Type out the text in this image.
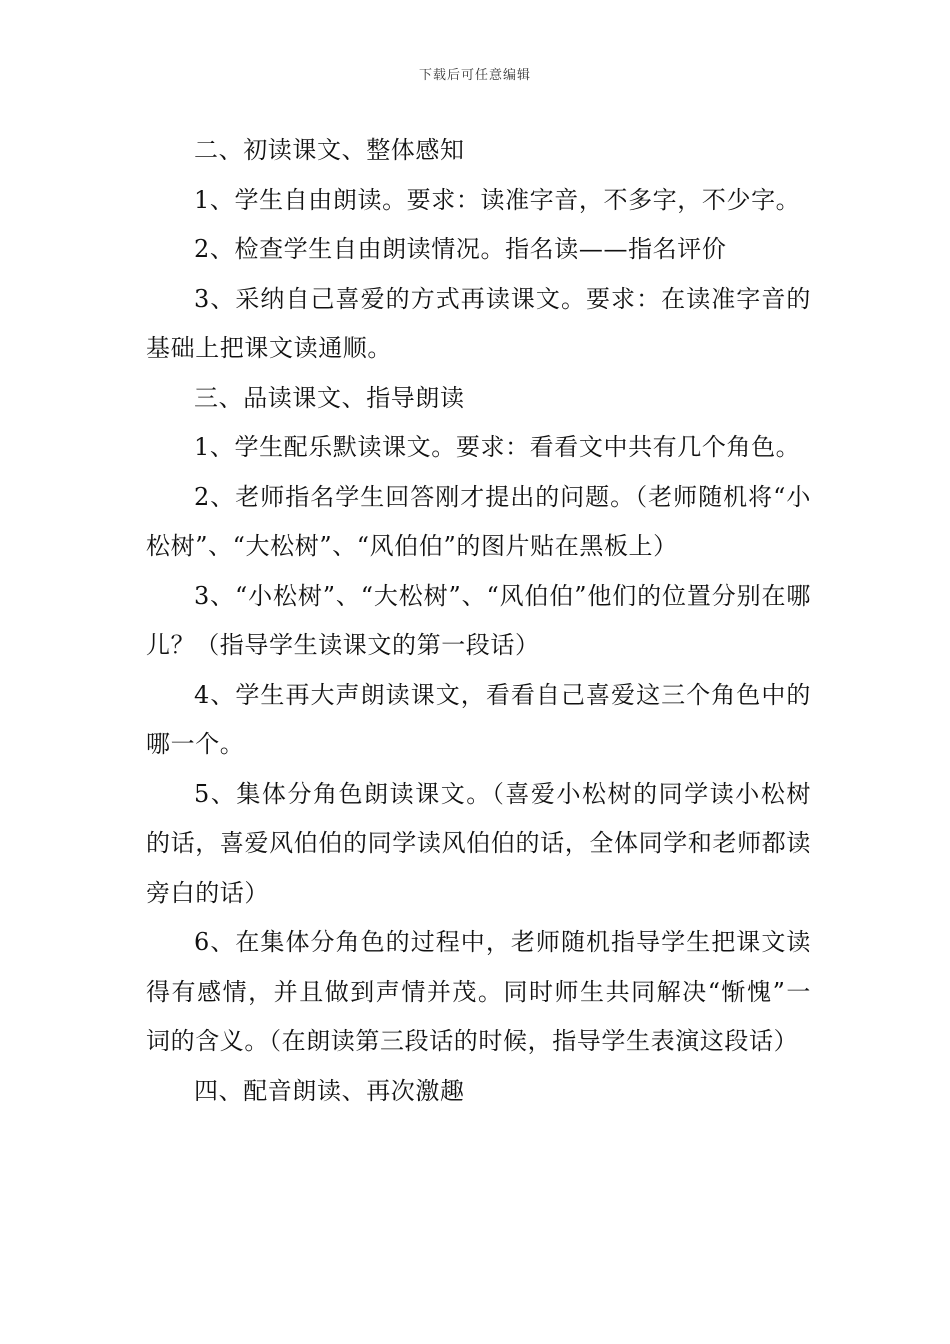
下载后可任意编辑

二、初读课文、整体感知

1、学生自由朗读。要求：读准字音，不多字，不少字。

2、检查学生自由朗读情况。指名读——指名评价

3、采纳自己喜爱的方式再读课文。要求：在读准字音的基础上把课文读通顺。

三、品读课文、指导朗读

1、学生配乐默读课文。要求：看看文中共有几个角色。

2、老师指名学生回答刚才提出的问题。（老师随机将“小松树”、“大松树”、“风伯伯”的图片贴在黑板上）

3、“小松树”、“大松树”、“风伯伯”他们的位置分别在哪儿？（指导学生读课文的第一段话）

4、学生再大声朗读课文，看看自己喜爱这三个角色中的哪一个。

5、集体分角色朗读课文。（喜爱小松树的同学读小松树的话，喜爱风伯伯的同学读风伯伯的话，全体同学和老师都读旁白的话）

6、在集体分角色的过程中，老师随机指导学生把课文读得有感情，并且做到声情并茂。同时师生共同解决“惭愧”一词的含义。（在朗读第三段话的时候，指导学生表演这段话）

四、配音朗读、再次激趣
